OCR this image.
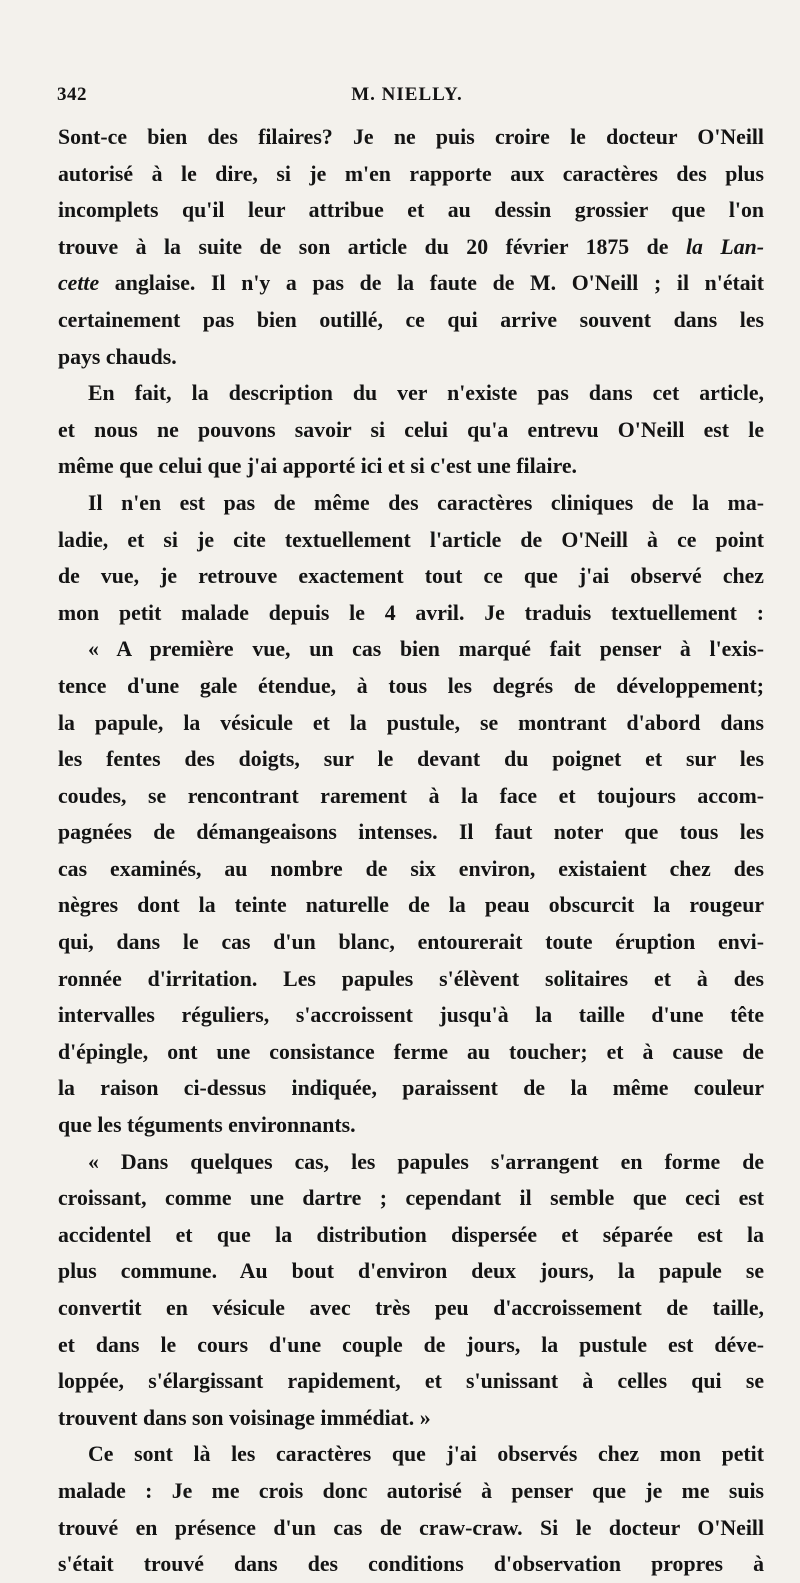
342	M. NIELLY.
Sont-ce bien des filaires? Je ne puis croire le docteur O'Neill
autorisé à le dire, si je m'en rapporte aux caractères des plus
incomplets qu'il leur attribue et au dessin grossier que l'on
trouve à la suite de son article du 20 février 1875 de la Lan-
cette anglaise. Il n'y a pas de la faute de M. O'Neill ; il n'était
certainement pas bien outillé, ce qui arrive souvent dans les
pays chauds.
En fait, la description du ver n'existe pas dans cet article,
et nous ne pouvons savoir si celui qu'a entrevu O'Neill est le
même que celui que j'ai apporté ici et si c'est une filaire.
Il n'en est pas de même des caractères cliniques de la ma-
ladie, et si je cite textuellement l'article de O'Neill à ce point
de vue, je retrouve exactement tout ce que j'ai observé chez
mon petit malade depuis le 4 avril. Je traduis textuellement :
« A première vue, un cas bien marqué fait penser à l'exis-
tence d'une gale étendue, à tous les degrés de développement;
la papule, la vésicule et la pustule, se montrant d'abord dans
les fentes des doigts, sur le devant du poignet et sur les
coudes, se rencontrant rarement à la face et toujours accom-
pagnées de démangeaisons intenses. Il faut noter que tous les
cas examinés, au nombre de six environ, existaient chez des
nègres dont la teinte naturelle de la peau obscurcit la rougeur
qui, dans le cas d'un blanc, entourerait toute éruption envi-
ronnée d'irritation. Les papules s'élèvent solitaires et à des
intervalles réguliers, s'accroissent jusqu'à la taille d'une tête
d'épingle, ont une consistance ferme au toucher; et à cause de
la raison ci-dessus indiquée, paraissent de la même couleur
que les téguments environnants.
« Dans quelques cas, les papules s'arrangent en forme de
croissant, comme une dartre ; cependant il semble que ceci est
accidentel et que la distribution dispersée et séparée est la
plus commune. Au bout d'environ deux jours, la papule se
convertit en vésicule avec très peu d'accroissement de taille,
et dans le cours d'une couple de jours, la pustule est déve-
loppée, s'élargissant rapidement, et s'unissant à celles qui se
trouvent dans son voisinage immédiat. »
Ce sont là les caractères que j'ai observés chez mon petit
malade : Je me crois donc autorisé à penser que je me suis
trouvé en présence d'un cas de craw-craw. Si le docteur O'Neill
s'était trouvé dans des conditions d'observation propres à
